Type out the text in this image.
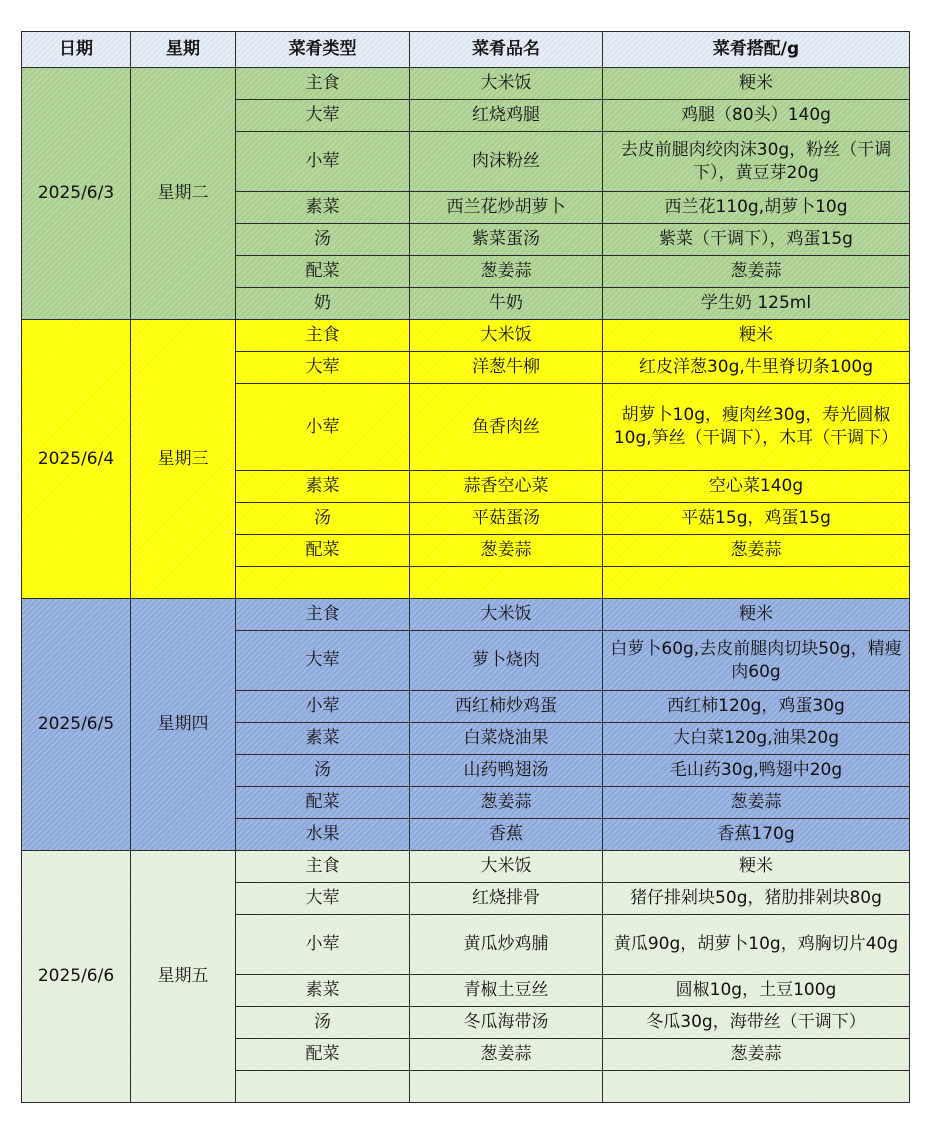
日期	星期	菜肴类型	菜肴品名	菜肴搭配/g
2025/6/3	星期二	主食	大米饭	粳米
		大荤	红烧鸡腿	鸡腿（80头）140g
		小荤	肉沫粉丝	去皮前腿肉绞肉沫30g，粉丝（干调下），黄豆芽20g
		素菜	西兰花炒胡萝卜	西兰花110g,胡萝卜10g
		汤	紫菜蛋汤	紫菜（干调下），鸡蛋15g
		配菜	葱姜蒜	葱姜蒜
		奶	牛奶	学生奶 125ml
2025/6/4	星期三	主食	大米饭	粳米
		大荤	洋葱牛柳	红皮洋葱30g,牛里脊切条100g
		小荤	鱼香肉丝	胡萝卜10g，瘦肉丝30g，寿光圆椒10g,笋丝（干调下），木耳（干调下）
		素菜	蒜香空心菜	空心菜140g
		汤	平菇蛋汤	平菇15g，鸡蛋15g
		配菜	葱姜蒜	葱姜蒜

2025/6/5	星期四	主食	大米饭	粳米
		大荤	萝卜烧肉	白萝卜60g,去皮前腿肉切块50g，精瘦肉60g
		小荤	西红柿炒鸡蛋	西红柿120g，鸡蛋30g
		素菜	白菜烧油果	大白菜120g,油果20g
		汤	山药鸭翅汤	毛山药30g,鸭翅中20g
		配菜	葱姜蒜	葱姜蒜
		水果	香蕉	香蕉170g
2025/6/6	星期五	主食	大米饭	粳米
		大荤	红烧排骨	猪仔排剁块50g，猪肋排剁块80g
		小荤	黄瓜炒鸡脯	黄瓜90g，胡萝卜10g，鸡胸切片40g
		素菜	青椒土豆丝	圆椒10g，土豆100g
		汤	冬瓜海带汤	冬瓜30g，海带丝（干调下）
		配菜	葱姜蒜	葱姜蒜
